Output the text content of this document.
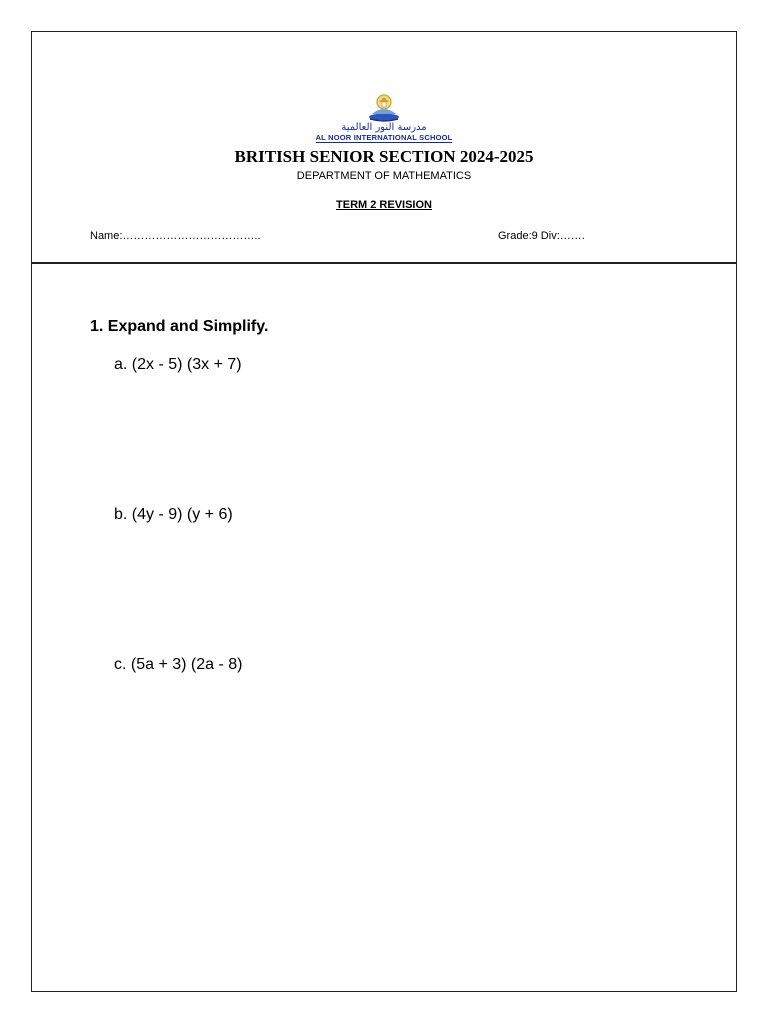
مدرسة النور العالمية
AL NOOR INTERNATIONAL SCHOOL
BRITISH SENIOR SECTION 2024-2025
DEPARTMENT OF MATHEMATICS
TERM 2 REVISION
Name:………………………………..	Grade:9 Div:…….
1. Expand and Simplify.
a. (2x - 5) (3x + 7)
b. (4y - 9) (y + 6)
c. (5a + 3) (2a - 8)
